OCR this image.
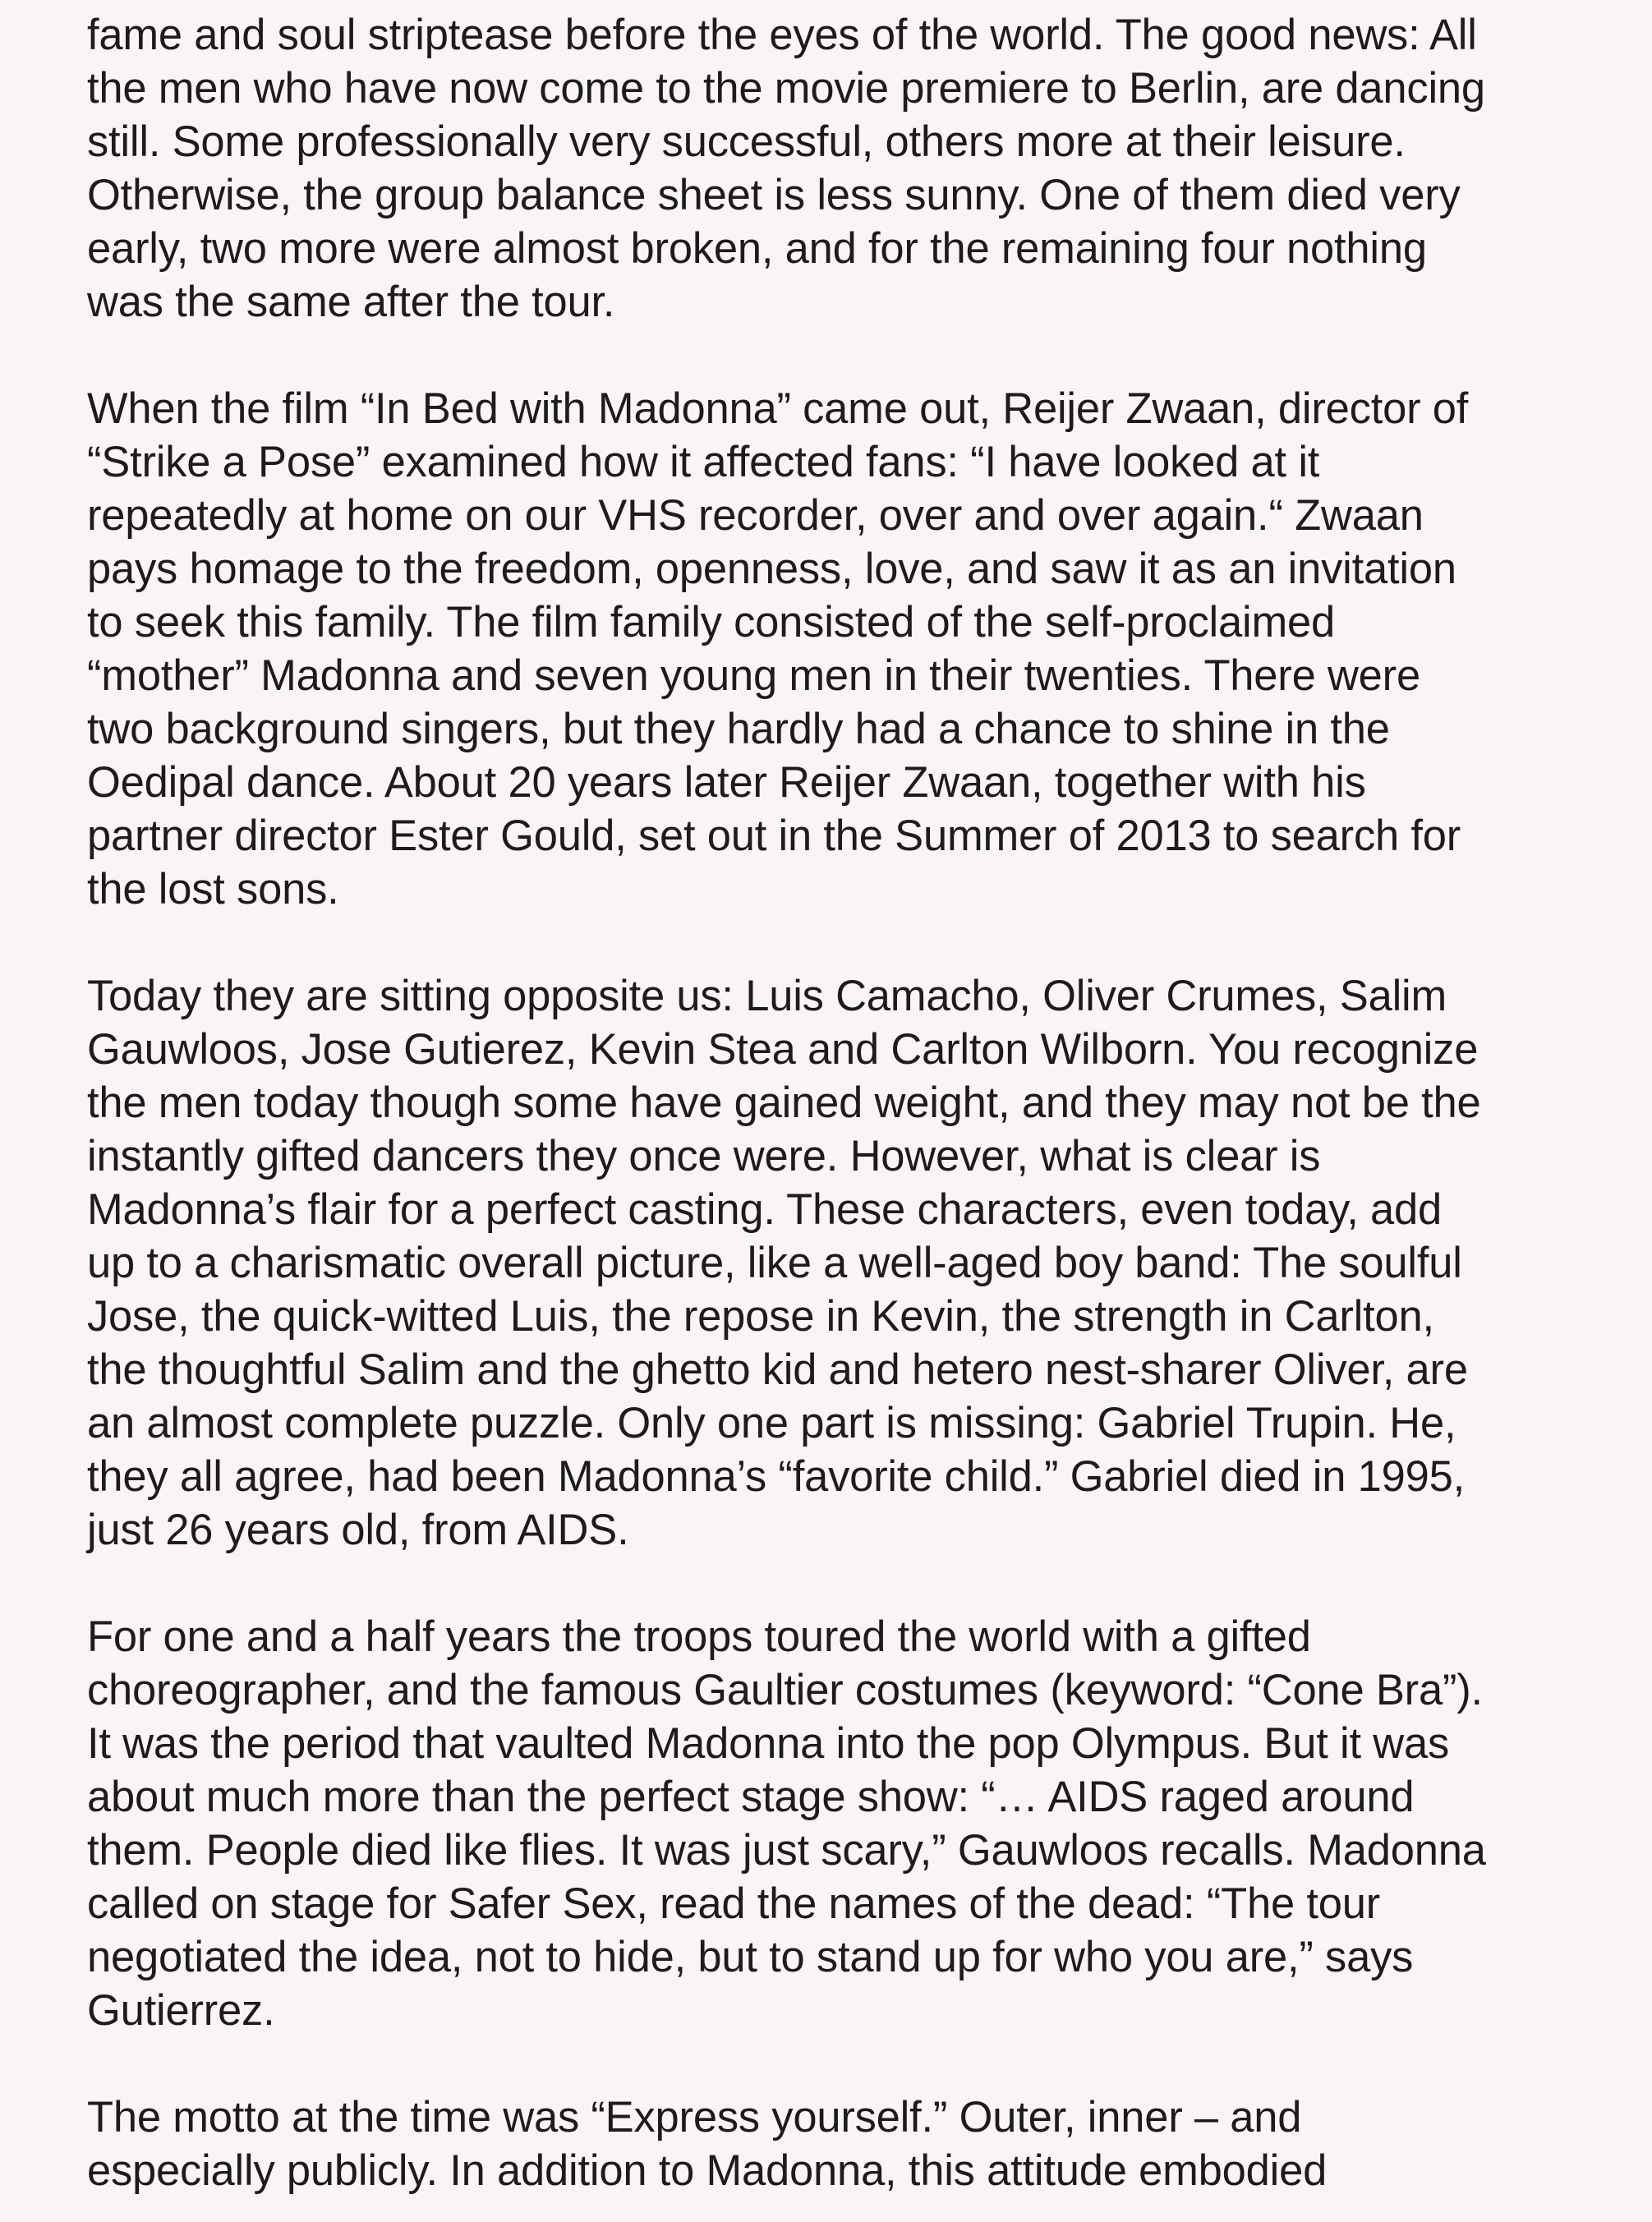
fame and soul striptease before the eyes of the world. The good news: All
the men who have now come to the movie premiere to Berlin, are dancing
still. Some professionally very successful, others more at their leisure.
Otherwise, the group balance sheet is less sunny. One of them died very
early, two more were almost broken, and for the remaining four nothing
was the same after the tour.
When the film “In Bed with Madonna” came out, Reijer Zwaan, director of
“Strike a Pose” examined how it affected fans: “I have looked at it
repeatedly at home on our VHS recorder, over and over again.“ Zwaan
pays homage to the freedom, openness, love, and saw it as an invitation
to seek this family. The film family consisted of the self-proclaimed
“mother” Madonna and seven young men in their twenties. There were
two background singers, but they hardly had a chance to shine in the
Oedipal dance. About 20 years later Reijer Zwaan, together with his
partner director Ester Gould, set out in the Summer of 2013 to search for
the lost sons.
Today they are sitting opposite us: Luis Camacho, Oliver Crumes, Salim
Gauwloos, Jose Gutierez, Kevin Stea and Carlton Wilborn. You recognize
the men today though some have gained weight, and they may not be the
instantly gifted dancers they once were. However, what is clear is
Madonna’s flair for a perfect casting. These characters, even today, add
up to a charismatic overall picture, like a well-aged boy band: The soulful
Jose, the quick-witted Luis, the repose in Kevin, the strength in Carlton,
the thoughtful Salim and the ghetto kid and hetero nest-sharer Oliver, are
an almost complete puzzle. Only one part is missing: Gabriel Trupin. He,
they all agree, had been Madonna’s “favorite child.” Gabriel died in 1995,
just 26 years old, from AIDS.
For one and a half years the troops toured the world with a gifted
choreographer, and the famous Gaultier costumes (keyword: “Cone Bra”).
It was the period that vaulted Madonna into the pop Olympus. But it was
about much more than the perfect stage show: “… AIDS raged around
them. People died like flies. It was just scary,” Gauwloos recalls. Madonna
called on stage for Safer Sex, read the names of the dead: “The tour
negotiated the idea, not to hide, but to stand up for who you are,” says
Gutierrez.
The motto at the time was “Express yourself.” Outer, inner – and
especially publicly. In addition to Madonna, this attitude embodied
